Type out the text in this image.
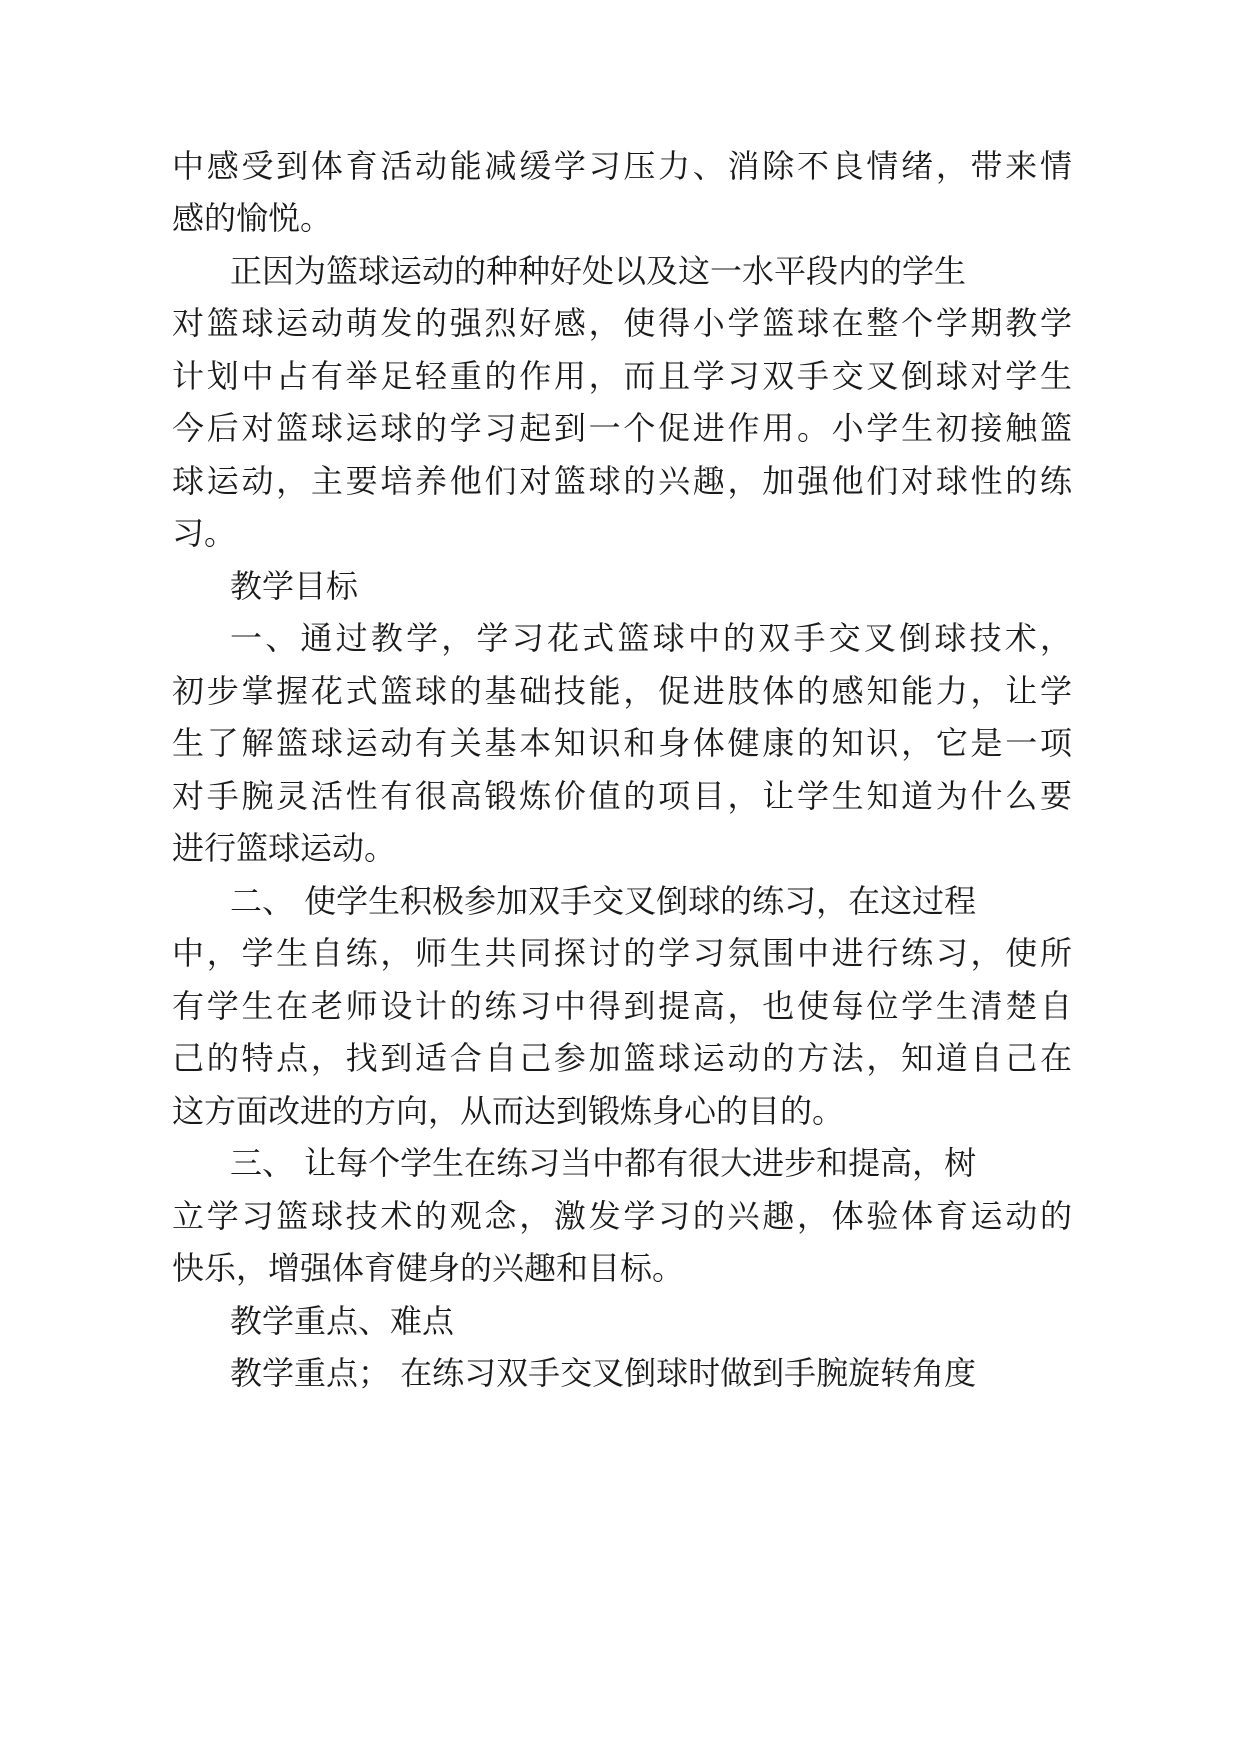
中感受到体育活动能减缓学习压力、消除不良情绪，带来情
感的愉悦。
正因为篮球运动的种种好处以及这一水平段内的学生
对篮球运动萌发的强烈好感，使得小学篮球在整个学期教学
计划中占有举足轻重的作用，而且学习双手交叉倒球对学生
今后对篮球运球的学习起到一个促进作用。小学生初接触篮
球运动，主要培养他们对篮球的兴趣，加强他们对球性的练
习。
教学目标
一、通过教学，学习花式篮球中的双手交叉倒球技术，
初步掌握花式篮球的基础技能，促进肢体的感知能力，让学
生了解篮球运动有关基本知识和身体健康的知识，它是一项
对手腕灵活性有很高锻炼价值的项目，让学生知道为什么要
进行篮球运动。
二、 使学生积极参加双手交叉倒球的练习，在这过程
中，学生自练，师生共同探讨的学习氛围中进行练习，使所
有学生在老师设计的练习中得到提高，也使每位学生清楚自
己的特点，找到适合自己参加篮球运动的方法，知道自己在
这方面改进的方向，从而达到锻炼身心的目的。
三、 让每个学生在练习当中都有很大进步和提高，树
立学习篮球技术的观念，激发学习的兴趣，体验体育运动的
快乐，增强体育健身的兴趣和目标。
教学重点、难点
教学重点； 在练习双手交叉倒球时做到手腕旋转角度
